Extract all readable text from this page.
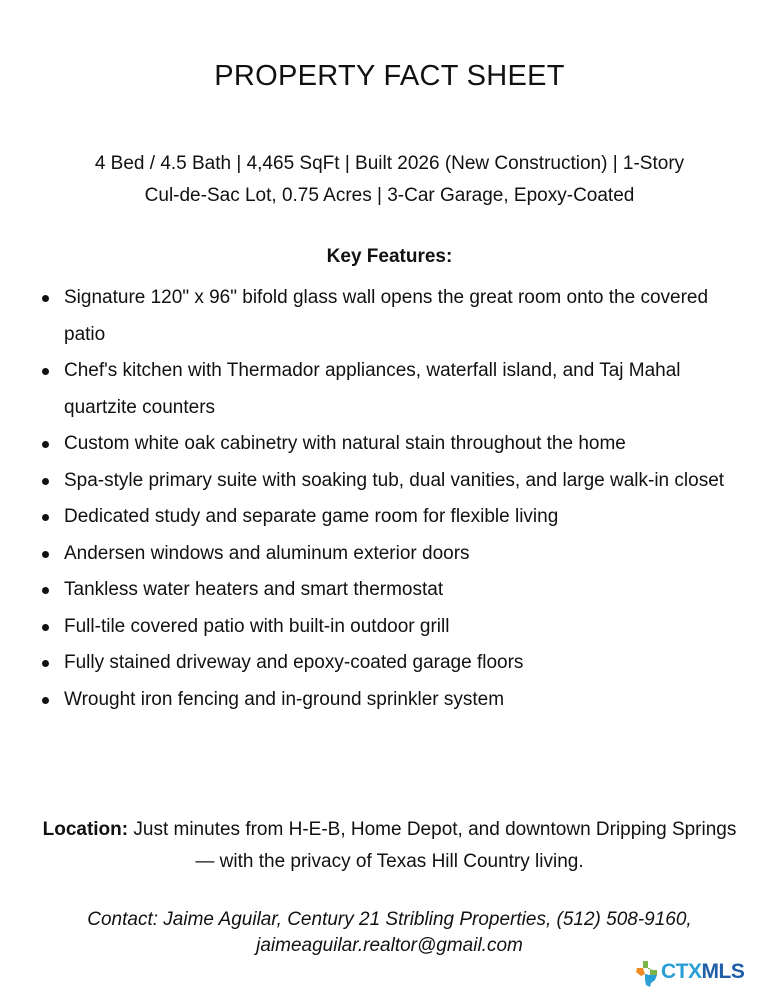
PROPERTY FACT SHEET
4 Bed / 4.5 Bath | 4,465 SqFt | Built 2026 (New Construction) | 1-Story
Cul-de-Sac Lot, 0.75 Acres | 3-Car Garage, Epoxy-Coated
Key Features:
Signature 120" x 96" bifold glass wall opens the great room onto the covered patio
Chef's kitchen with Thermador appliances, waterfall island, and Taj Mahal quartzite counters
Custom white oak cabinetry with natural stain throughout the home
Spa-style primary suite with soaking tub, dual vanities, and large walk-in closet
Dedicated study and separate game room for flexible living
Andersen windows and aluminum exterior doors
Tankless water heaters and smart thermostat
Full-tile covered patio with built-in outdoor grill
Fully stained driveway and epoxy-coated garage floors
Wrought iron fencing and in-ground sprinkler system
Location: Just minutes from H-E-B, Home Depot, and downtown Dripping Springs — with the privacy of Texas Hill Country living.
Contact: Jaime Aguilar, Century 21 Stribling Properties, (512) 508-9160,
jaimeaguilar.realtor@gmail.com
CTXMLS
